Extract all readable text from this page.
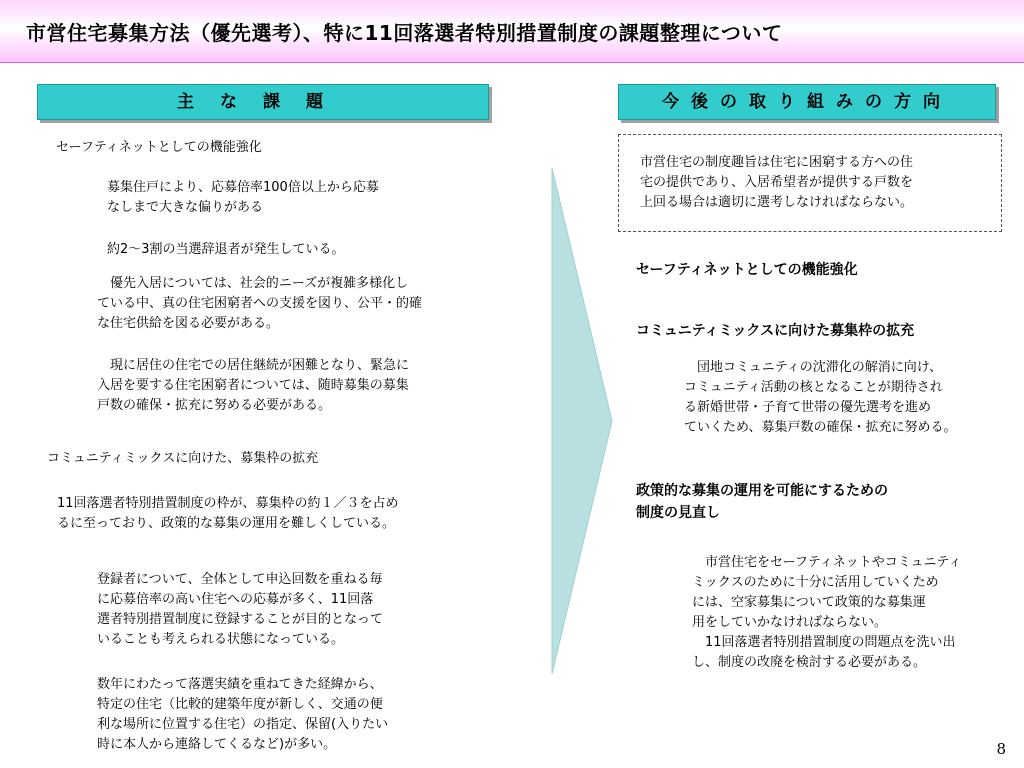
市営住宅募集方法（優先選考）、特に11回落選者特別措置制度の課題整理について
主な課題	今後の取り組みの方向
セーフティネットとしての機能強化
募集住戸により、応募倍率100倍以上から応募
なしまで大きな偏りがある
約2～3割の当選辞退者が発生している。
　優先入居については、社会的ニーズが複雑多様化し
ている中、真の住宅困窮者への支援を図り、公平・的確
な住宅供給を図る必要がある。
　現に居住の住宅での居住継続が困難となり、緊急に
入居を要する住宅困窮者については、随時募集の募集
戸数の確保・拡充に努める必要がある。
コミュニティミックスに向けた、募集枠の拡充
11回落選者特別措置制度の枠が、募集枠の約１／３を占め
るに至っており、政策的な募集の運用を難しくしている。
登録者について、全体として申込回数を重ねる毎
に応募倍率の高い住宅への応募が多く、11回落
選者特別措置制度に登録することが目的となって
いることも考えられる状態になっている。
数年にわたって落選実績を重ねてきた経緯から、
特定の住宅（比較的建築年度が新しく、交通の便
利な場所に位置する住宅）の指定、保留(入りたい
時に本人から連絡してくるなど)が多い。
市営住宅の制度趣旨は住宅に困窮する方への住
宅の提供であり、入居希望者が提供する戸数を
上回る場合は適切に選考しなければならない。
セーフティネットとしての機能強化
コミュニティミックスに向けた募集枠の拡充
　団地コミュニティの沈滞化の解消に向け、
コミュニティ活動の核となることが期待され
る新婚世帯・子育て世帯の優先選考を進め
ていくため、募集戸数の確保・拡充に努める。
政策的な募集の運用を可能にするための
制度の見直し
　市営住宅をセーフティネットやコミュニティ
ミックスのために十分に活用していくため
には、空家募集について政策的な募集運
用をしていかなければならない。
　11回落選者特別措置制度の問題点を洗い出
し、制度の改廃を検討する必要がある。
8
